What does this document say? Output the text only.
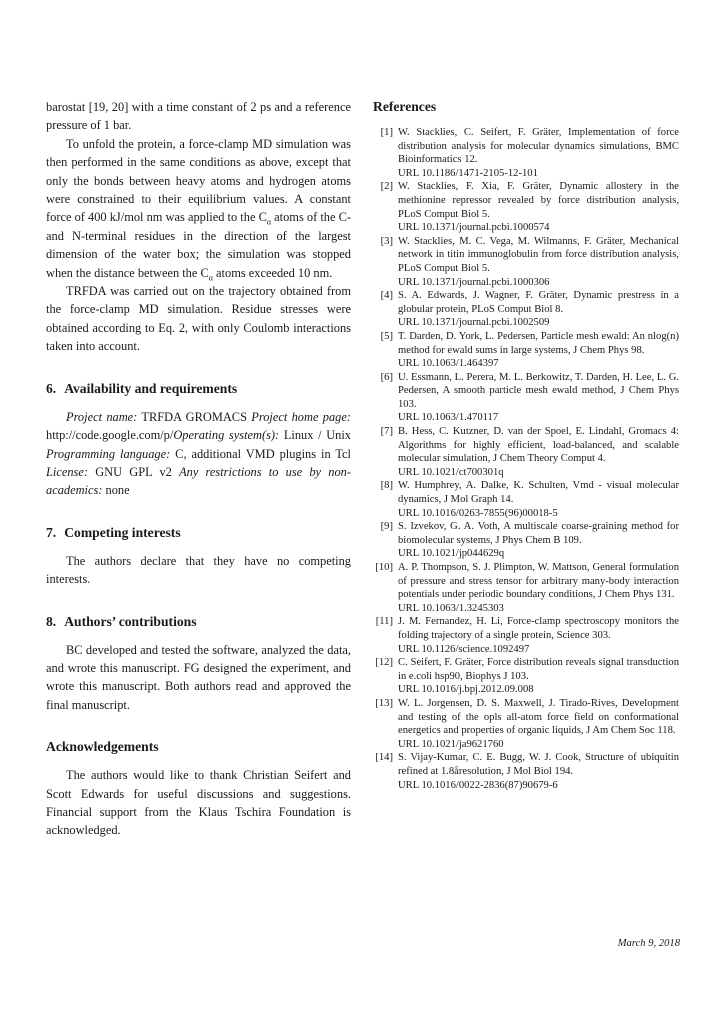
barostat [19, 20] with a time constant of 2 ps and a reference pressure of 1 bar.

To unfold the protein, a force-clamp MD simulation was then performed in the same conditions as above, except that only the bonds between heavy atoms and hydrogen atoms were constrained to their equilibrium values. A constant force of 400 kJ/mol nm was applied to the $C_\alpha$ atoms of the C- and N-terminal residues in the direction of the largest dimension of the water box; the simulation was stopped when the distance between the $C_\alpha$ atoms exceeded 10 nm.

TRFDA was carried out on the trajectory obtained from the force-clamp MD simulation. Residue stresses were obtained according to Eq. 2, with only Coulomb interactions taken into account.

6. Availability and requirements

Project name: TRFDA GROMACS Project home page: http://code.google.com/p/Operating system(s): Linux / Unix Programming language: C, additional VMD plugins in Tcl License: GNU GPL v2 Any restrictions to use by non-academics: none

7. Competing interests

The authors declare that they have no competing interests.

8. Authors’ contributions

BC developed and tested the software, analyzed the data, and wrote this manuscript. FG designed the experiment, and wrote this manuscript. Both authors read and approved the final manuscript.

Acknowledgements

The authors would like to thank Christian Seifert and Scott Edwards for useful discussions and suggestions. Financial support from the Klaus Tschira Foundation is acknowledged.

References
[1] W. Stacklies, C. Seifert, F. Gräter, Implementation of force distribution analysis for molecular dynamics simulations, BMC Bioinformatics 12.
URL 10.1186/1471-2105-12-101
[2] W. Stacklies, F. Xia, F. Gräter, Dynamic allostery in the methionine repressor revealed by force distribution analysis, PLoS Comput Biol 5.
URL 10.1371/journal.pcbi.1000574
[3] W. Stacklies, M. C. Vega, M. Wilmanns, F. Gräter, Mechanical network in titin immunoglobulin from force distribution analysis, PLoS Comput Biol 5.
URL 10.1371/journal.pcbi.1000306
[4] S. A. Edwards, J. Wagner, F. Gräter, Dynamic prestress in a globular protein, PLoS Comput Biol 8.
URL 10.1371/journal.pcbi.1002509
[5] T. Darden, D. York, L. Pedersen, Particle mesh ewald: An nlog(n) method for ewald sums in large systems, J Chem Phys 98.
URL 10.1063/1.464397
[6] U. Essmann, L. Perera, M. L. Berkowitz, T. Darden, H. Lee, L. G. Pedersen, A smooth particle mesh ewald method, J Chem Phys 103.
URL 10.1063/1.470117
[7] B. Hess, C. Kutzner, D. van der Spoel, E. Lindahl, Gromacs 4: Algorithms for highly efficient, load-balanced, and scalable molecular simulation, J Chem Theory Comput 4.
URL 10.1021/ct700301q
[8] W. Humphrey, A. Dalke, K. Schulten, Vmd - visual molecular dynamics, J Mol Graph 14.
URL 10.1016/0263-7855(96)00018-5
[9] S. Izvekov, G. A. Voth, A multiscale coarse-graining method for biomolecular systems, J Phys Chem B 109.
URL 10.1021/jp044629q
[10] A. P. Thompson, S. J. Plimpton, W. Mattson, General formulation of pressure and stress tensor for arbitrary many-body interaction potentials under periodic boundary conditions, J Chem Phys 131.
URL 10.1063/1.3245303
[11] J. M. Fernandez, H. Li, Force-clamp spectroscopy monitors the folding trajectory of a single protein, Science 303.
URL 10.1126/science.1092497
[12] C. Seifert, F. Gräter, Force distribution reveals signal transduction in e.coli hsp90, Biophys J 103.
URL 10.1016/j.bpj.2012.09.008
[13] W. L. Jorgensen, D. S. Maxwell, J. Tirado-Rives, Development and testing of the opls all-atom force field on conformational energetics and properties of organic liquids, J Am Chem Soc 118.
URL 10.1021/ja9621760
[14] S. Vijay-Kumar, C. E. Bugg, W. J. Cook, Structure of ubiquitin refined at 1.8åresolution, J Mol Biol 194.
URL 10.1016/0022-2836(87)90679-6
March 9, 2018
